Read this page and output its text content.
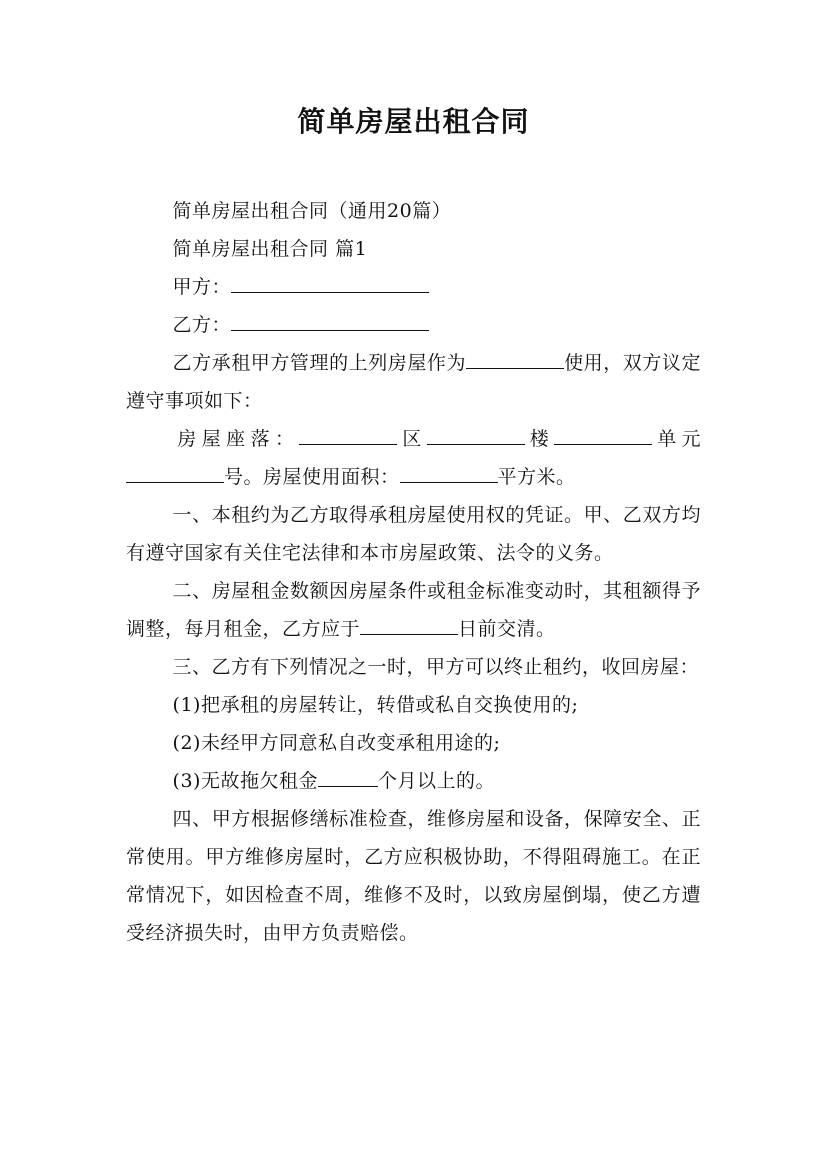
简单房屋出租合同

简单房屋出租合同（通用20篇）

简单房屋出租合同 篇1

甲方：

乙方：

乙方承租甲方管理的上列房屋作为	使用，双方议定遵守事项如下：

房屋座落：	区	楼	单元号。房屋使用面积：	平方米。

一、本租约为乙方取得承租房屋使用权的凭证。甲、乙双方均有遵守国家有关住宅法律和本市房屋政策、法令的义务。

二、房屋租金数额因房屋条件或租金标准变动时，其租额得予调整，每月租金，乙方应于	日前交清。

三、乙方有下列情况之一时，甲方可以终止租约，收回房屋：

(1)把承租的房屋转让，转借或私自交换使用的;

(2)未经甲方同意私自改变承租用途的;

(3)无故拖欠租金	个月以上的。

四、甲方根据修缮标准检查，维修房屋和设备，保障安全、正常使用。甲方维修房屋时，乙方应积极协助，不得阻碍施工。在正常情况下，如因检查不周，维修不及时，以致房屋倒塌，使乙方遭受经济损失时，由甲方负责赔偿。
